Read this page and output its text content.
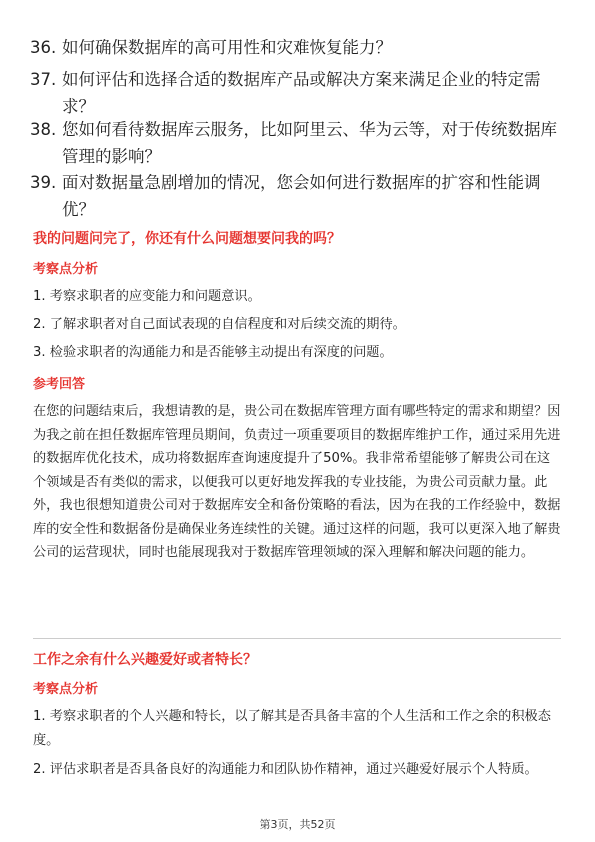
36. 如何确保数据库的高可用性和灾难恢复能力？
37. 如何评估和选择合适的数据库产品或解决方案来满足企业的特定需求？
38. 您如何看待数据库云服务，比如阿里云、华为云等，对于传统数据库管理的影响？
39. 面对数据量急剧增加的情况，您会如何进行数据库的扩容和性能调优？
我的问题问完了，你还有什么问题想要问我的吗？
考察点分析
1. 考察求职者的应变能力和问题意识。
2. 了解求职者对自己面试表现的自信程度和对后续交流的期待。
3. 检验求职者的沟通能力和是否能够主动提出有深度的问题。
参考回答
在您的问题结束后，我想请教的是，贵公司在数据库管理方面有哪些特定的需求和期望？因为我之前在担任数据库管理员期间，负责过一项重要项目的数据库维护工作，通过采用先进的数据库优化技术，成功将数据库查询速度提升了50%。我非常希望能够了解贵公司在这个领域是否有类似的需求，以便我可以更好地发挥我的专业技能，为贵公司贡献力量。此外，我也很想知道贵公司对于数据库安全和备份策略的看法，因为在我的工作经验中，数据库的安全性和数据备份是确保业务连续性的关键。通过这样的问题，我可以更深入地了解贵公司的运营现状，同时也能展现我对于数据库管理领域的深入理解和解决问题的能力。
工作之余有什么兴趣爱好或者特长？
考察点分析
1. 考察求职者的个人兴趣和特长，以了解其是否具备丰富的个人生活和工作之余的积极态度。
2. 评估求职者是否具备良好的沟通能力和团队协作精神，通过兴趣爱好展示个人特质。
第3页，共52页
